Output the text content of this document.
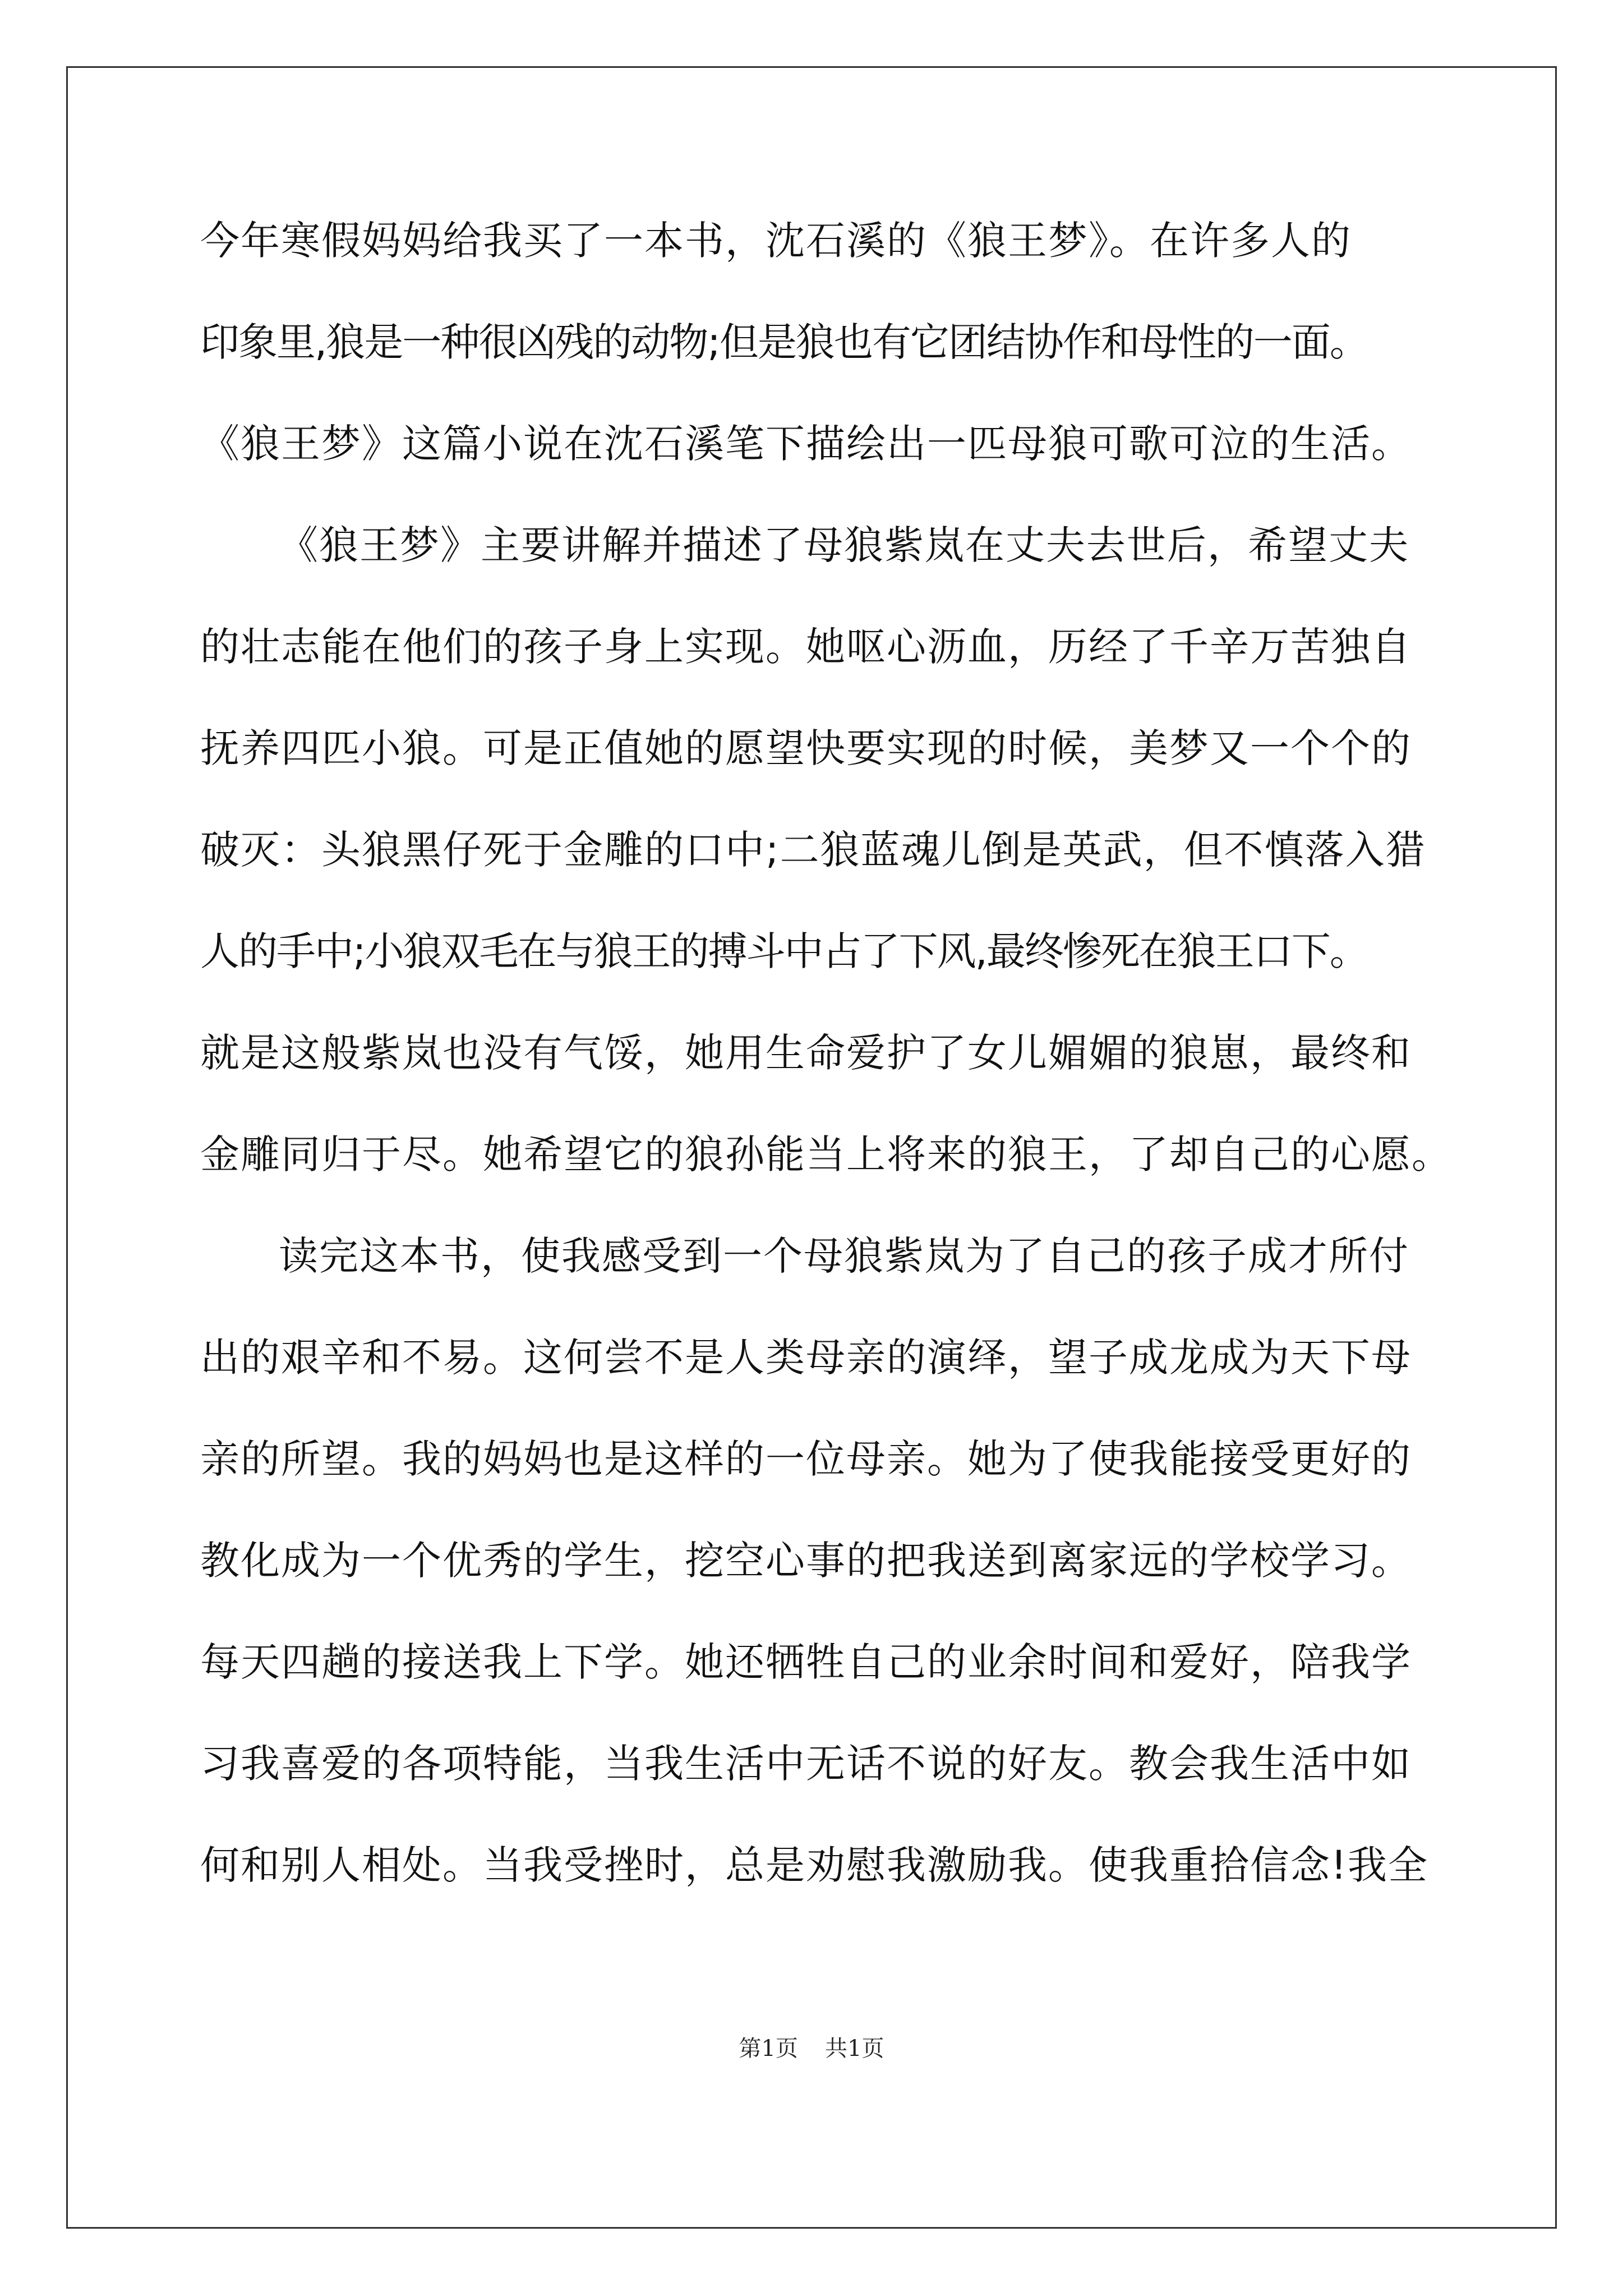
今年寒假妈妈给我买了一本书，沈石溪的《狼王梦》。在许多人的
印象里,狼是一种很凶残的动物;但是狼也有它团结协作和母性的一面。
《狼王梦》这篇小说在沈石溪笔下描绘出一匹母狼可歌可泣的生活。
《狼王梦》主要讲解并描述了母狼紫岚在丈夫去世后，希望丈夫
的壮志能在他们的孩子身上实现。她呕心沥血，历经了千辛万苦独自
抚养四匹小狼。可是正值她的愿望快要实现的时候，美梦又一个个的
破灭：头狼黑仔死于金雕的口中;二狼蓝魂儿倒是英武，但不慎落入猎
人的手中;小狼双毛在与狼王的搏斗中占了下风,最终惨死在狼王口下。
就是这般紫岚也没有气馁，她用生命爱护了女儿媚媚的狼崽，最终和
金雕同归于尽。她希望它的狼孙能当上将来的狼王，了却自己的心愿。
读完这本书，使我感受到一个母狼紫岚为了自己的孩子成才所付
出的艰辛和不易。这何尝不是人类母亲的演绎，望子成龙成为天下母
亲的所望。我的妈妈也是这样的一位母亲。她为了使我能接受更好的
教化成为一个优秀的学生，挖空心事的把我送到离家远的学校学习。
每天四趟的接送我上下学。她还牺牲自己的业余时间和爱好，陪我学
习我喜爱的各项特能，当我生活中无话不说的好友。教会我生活中如
何和别人相处。当我受挫时，总是劝慰我激励我。使我重拾信念!我全
第1页 共1页
